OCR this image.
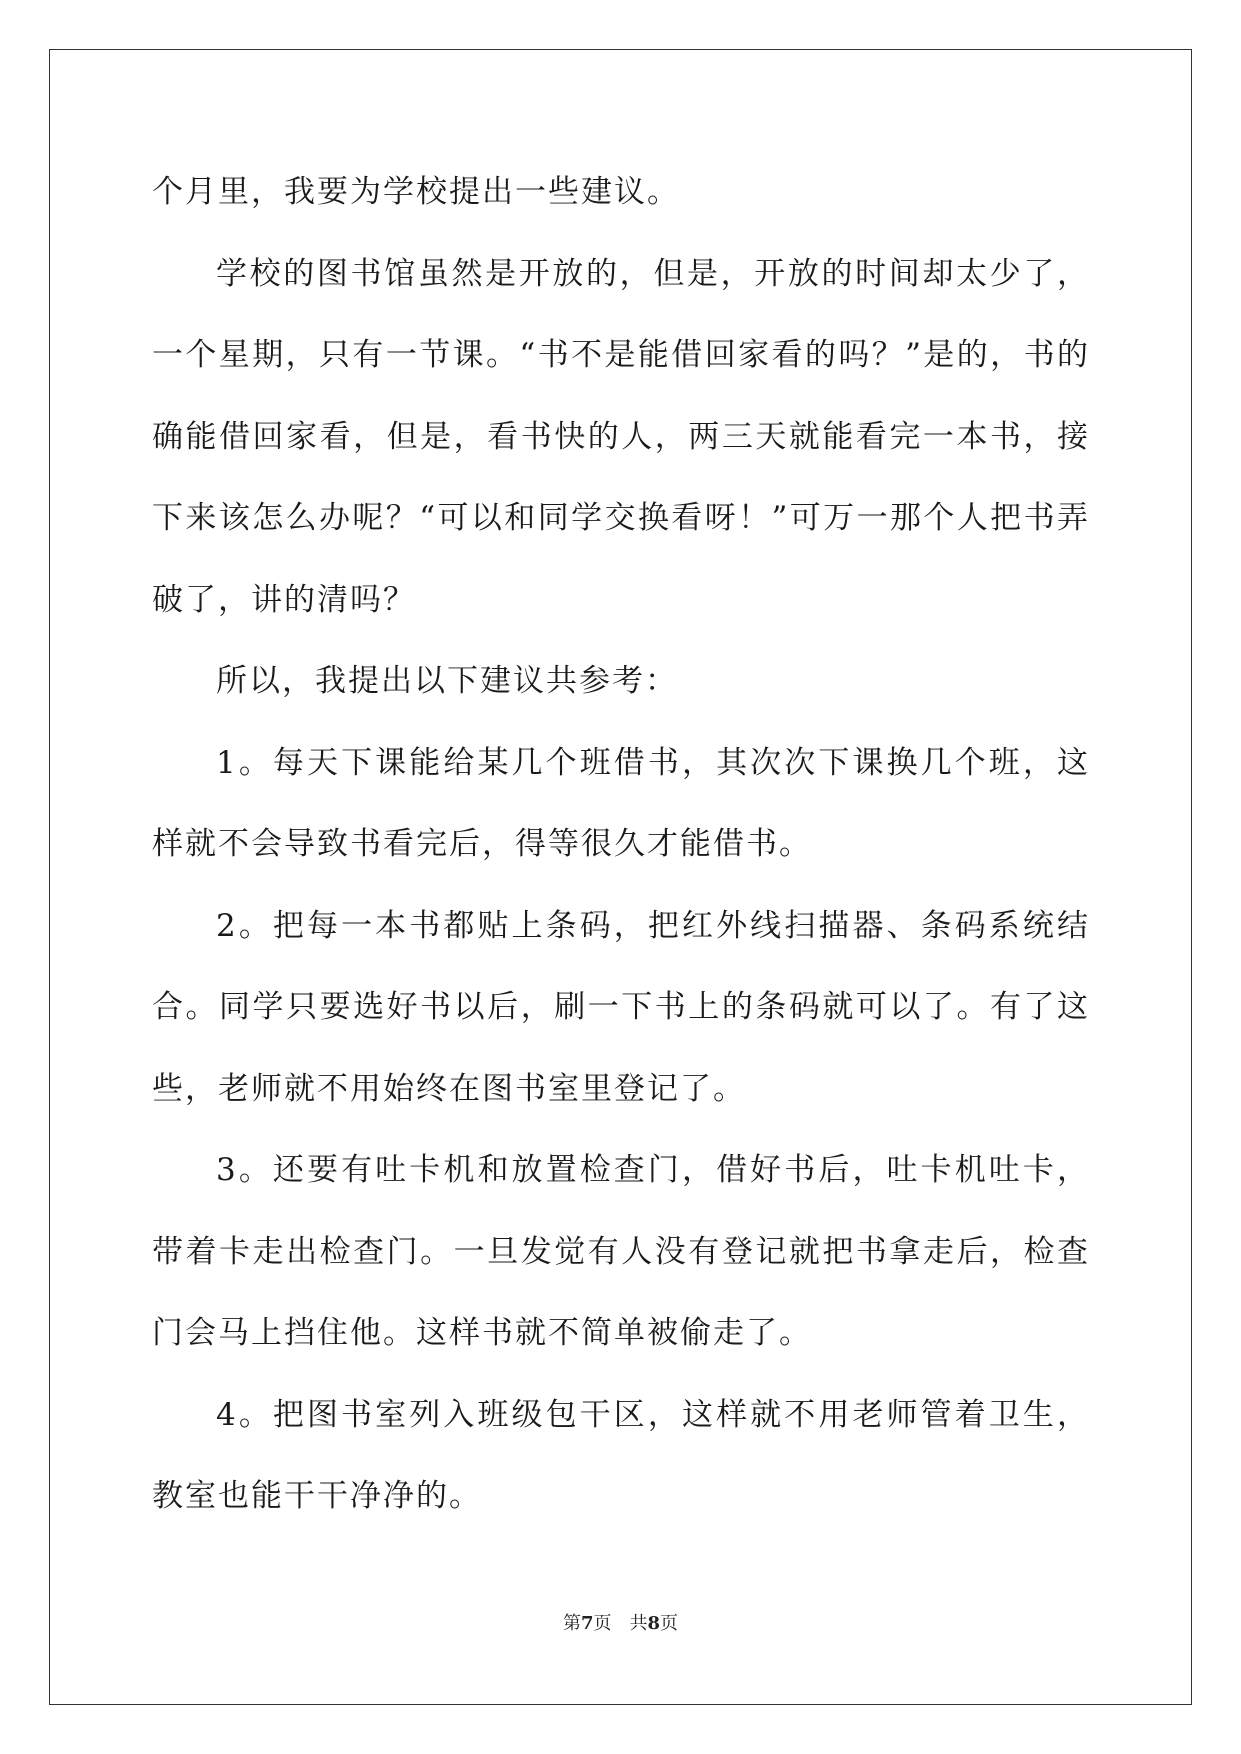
个月里，我要为学校提出一些建议。

学校的图书馆虽然是开放的，但是，开放的时间却太少了，一个星期，只有一节课。“书不是能借回家看的吗？”是的，书的确能借回家看，但是，看书快的人，两三天就能看完一本书，接下来该怎么办呢？“可以和同学交换看呀！”可万一那个人把书弄破了，讲的清吗？

所以，我提出以下建议共参考：

1。每天下课能给某几个班借书，其次次下课换几个班，这样就不会导致书看完后，得等很久才能借书。

2。把每一本书都贴上条码，把红外线扫描器、条码系统结合。同学只要选好书以后，刷一下书上的条码就可以了。有了这些，老师就不用始终在图书室里登记了。

3。还要有吐卡机和放置检查门，借好书后，吐卡机吐卡，带着卡走出检查门。一旦发觉有人没有登记就把书拿走后，检查门会马上挡住他。这样书就不简单被偷走了。

4。把图书室列入班级包干区，这样就不用老师管着卫生，教室也能干干净净的。

第7页 共8页
